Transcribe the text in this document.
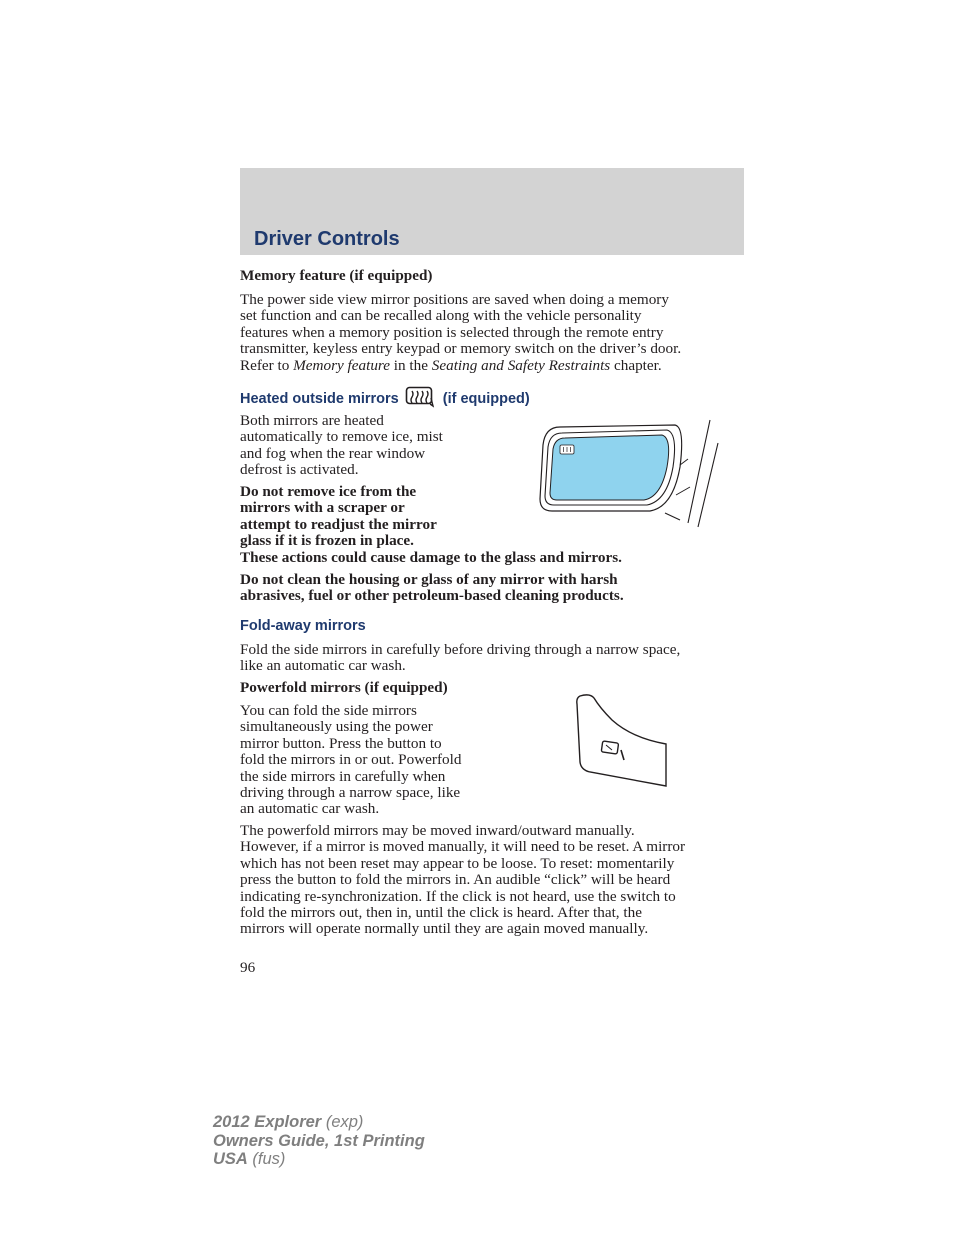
Driver Controls

Memory feature (if equipped)

The power side view mirror positions are saved when doing a memory

set function and can be recalled along with the vehicle personality

features when a memory position is selected through the remote entry

transmitter, keyless entry keypad or memory switch on the driver’s door.

Refer to Memory feature in the Seating and Safety Restraints chapter.

Heated outside mirrors	(if equipped)

Both mirrors are heated

automatically to remove ice, mist

and fog when the rear window

defrost is activated.

Do not remove ice from the

mirrors with a scraper or

attempt to readjust the mirror

glass if it is frozen in place.

These actions could cause damage to the glass and mirrors.

Do not clean the housing or glass of any mirror with harsh

abrasives, fuel or other petroleum-based cleaning products.

Fold-away mirrors

Fold the side mirrors in carefully before driving through a narrow space,

like an automatic car wash.

Powerfold mirrors (if equipped)

You can fold the side mirrors

simultaneously using the power

mirror button. Press the button to

fold the mirrors in or out. Powerfold

the side mirrors in carefully when

driving through a narrow space, like

an automatic car wash.

The powerfold mirrors may be moved inward/outward manually.

However, if a mirror is moved manually, it will need to be reset. A mirror

which has not been reset may appear to be loose. To reset: momentarily

press the button to fold the mirrors in. An audible “click” will be heard

indicating re-synchronization. If the click is not heard, use the switch to

fold the mirrors out, then in, until the click is heard. After that, the

mirrors will operate normally until they are again moved manually.

96

2012 Explorer (exp)
Owners Guide, 1st Printing
USA (fus)
